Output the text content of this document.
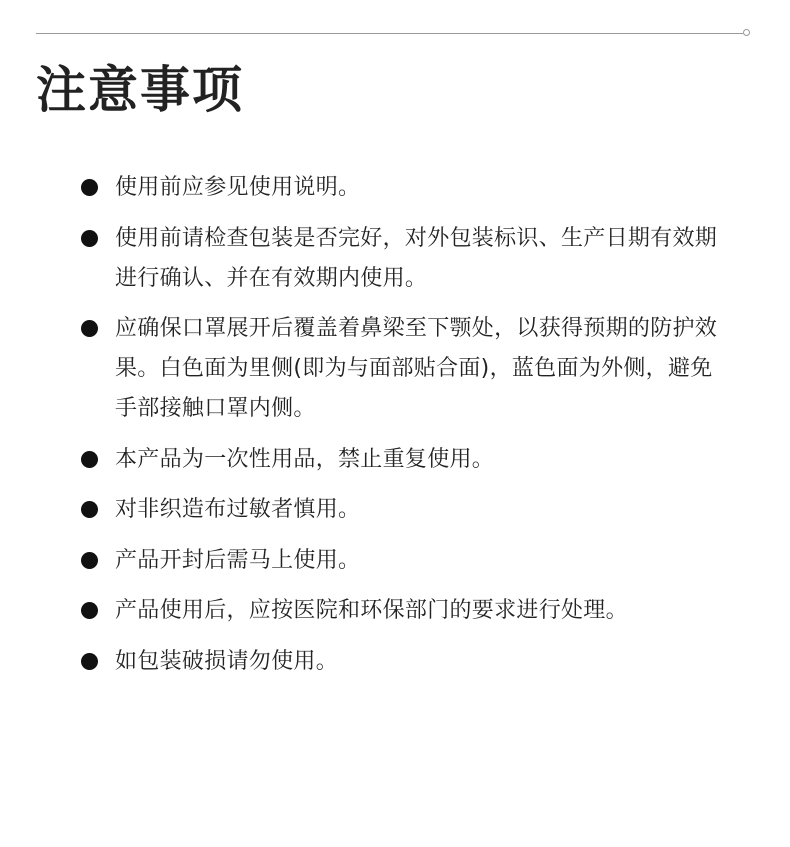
注意事项
使用前应参见使用说明。
使用前请检查包装是否完好，对外包装标识、生产日期有效期进行确认、并在有效期内使用。
应确保口罩展开后覆盖着鼻梁至下颚处，以获得预期的防护效果。白色面为里侧(即为与面部贴合面)，蓝色面为外侧，避免手部接触口罩内侧。
本产品为一次性用品，禁止重复使用。
对非织造布过敏者慎用。
产品开封后需马上使用。
产品使用后，应按医院和环保部门的要求进行处理。
如包装破损请勿使用。
